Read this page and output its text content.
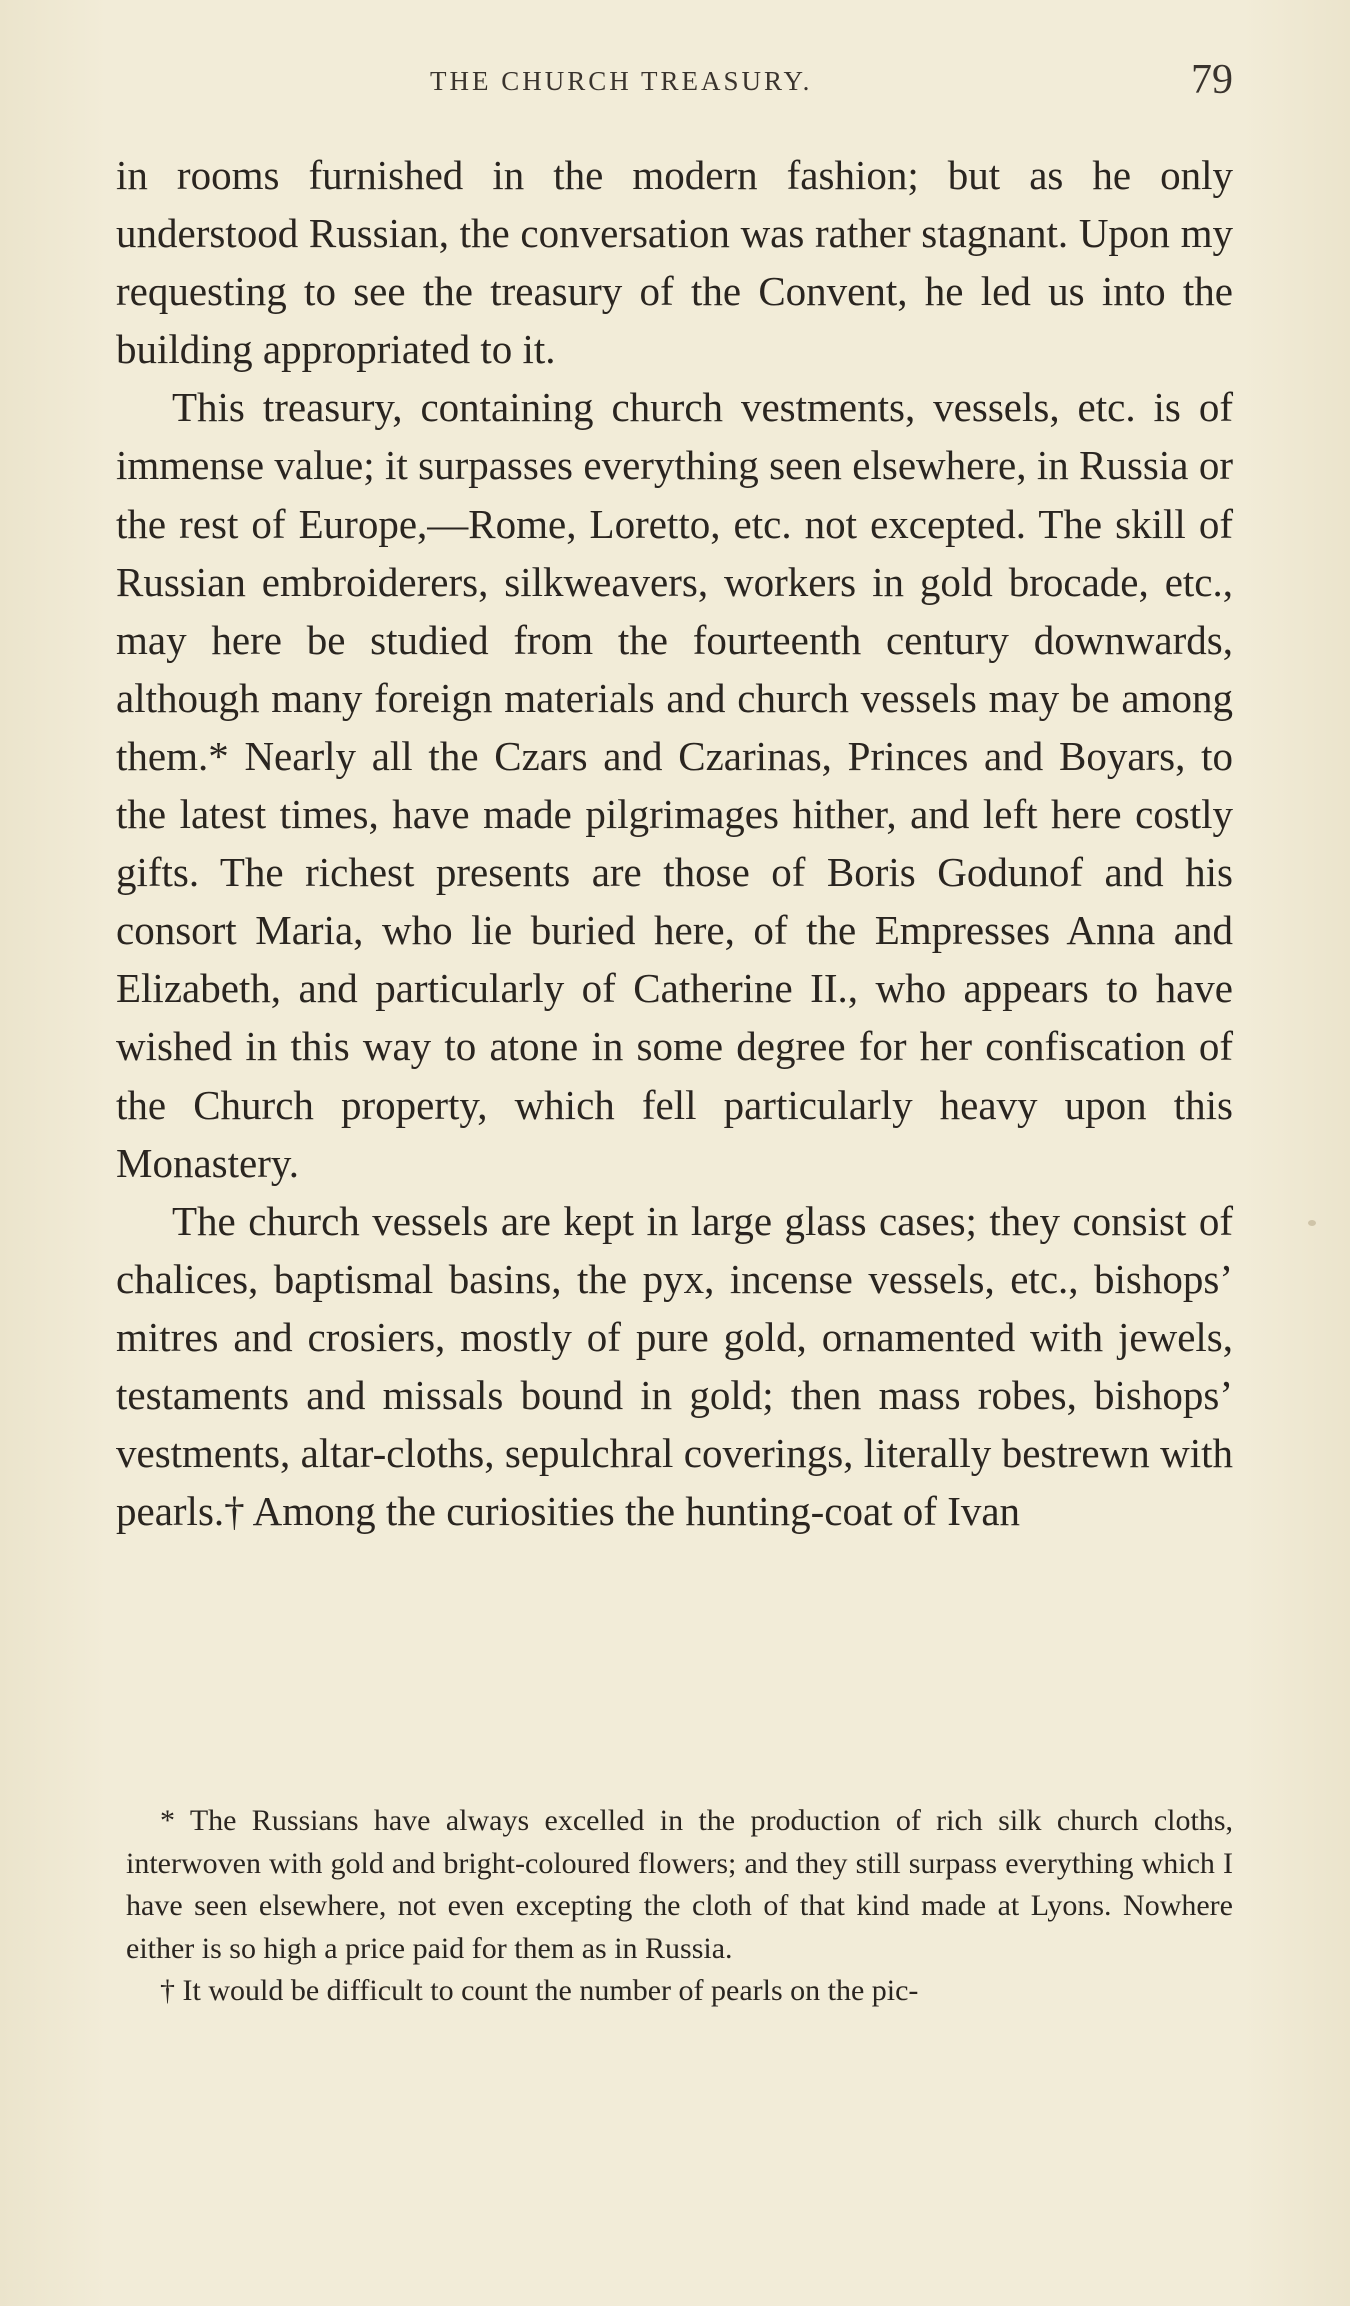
THE CHURCH TREASURY.	79

in rooms furnished in the modern fashion; but as he only understood Russian, the conversation was rather stagnant. Upon my requesting to see the treasury of the Convent, he led us into the building appropriated to it.

This treasury, containing church vestments, vessels, etc. is of immense value; it surpasses everything seen elsewhere, in Russia or the rest of Europe,—Rome, Loretto, etc. not excepted. The skill of Russian embroiderers, silkweavers, workers in gold brocade, etc., may here be studied from the fourteenth century downwards, although many foreign materials and church vessels may be among them.* Nearly all the Czars and Czarinas, Princes and Boyars, to the latest times, have made pilgrimages hither, and left here costly gifts. The richest presents are those of Boris Godunof and his consort Maria, who lie buried here, of the Empresses Anna and Elizabeth, and particularly of Catherine II., who appears to have wished in this way to atone in some degree for her confiscation of the Church property, which fell particularly heavy upon this Monastery.

The church vessels are kept in large glass cases; they consist of chalices, baptismal basins, the pyx, incense vessels, etc., bishops’ mitres and crosiers, mostly of pure gold, ornamented with jewels, testaments and missals bound in gold; then mass robes, bishops’ vestments, altar-cloths, sepulchral coverings, literally bestrewn with pearls.† Among the curiosities the hunting-coat of Ivan

* The Russians have always excelled in the production of rich silk church cloths, interwoven with gold and bright-coloured flowers; and they still surpass everything which I have seen elsewhere, not even excepting the cloth of that kind made at Lyons. Nowhere either is so high a price paid for them as in Russia.

† It would be difficult to count the number of pearls on the pic-
